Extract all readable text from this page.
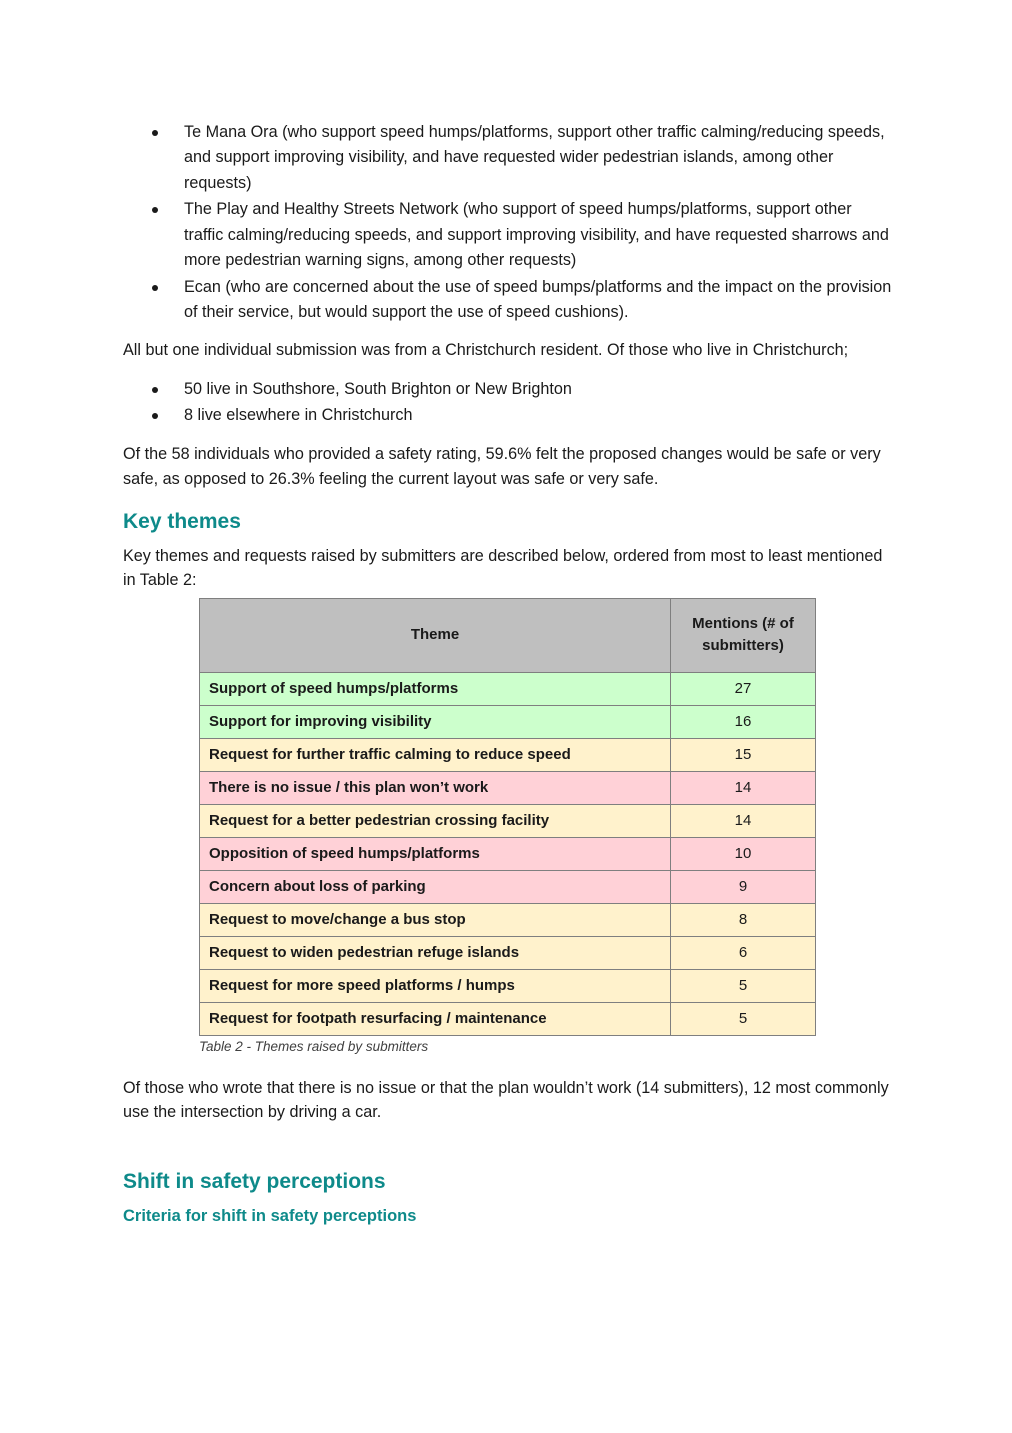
Te Mana Ora (who support speed humps/platforms, support other traffic calming/reducing speeds, and support improving visibility, and have requested wider pedestrian islands, among other requests)
The Play and Healthy Streets Network (who support of speed humps/platforms, support other traffic calming/reducing speeds, and support improving visibility, and have requested sharrows and more pedestrian warning signs, among other requests)
Ecan (who are concerned about the use of speed bumps/platforms and the impact on the provision of their service, but would support the use of speed cushions).

All but one individual submission was from a Christchurch resident. Of those who live in Christchurch;

50 live in Southshore, South Brighton or New Brighton
8 live elsewhere in Christchurch

Of the 58 individuals who provided a safety rating, 59.6% felt the proposed changes would be safe or very safe, as opposed to 26.3% feeling the current layout was safe or very safe.

Key themes

Key themes and requests raised by submitters are described below, ordered from most to least mentioned in Table 2:

Theme	Mentions (# of submitters)
Support of speed humps/platforms	27
Support for improving visibility	16
Request for further traffic calming to reduce speed	15
There is no issue / this plan won’t work	14
Request for a better pedestrian crossing facility	14
Opposition of speed humps/platforms	10
Concern about loss of parking	9
Request to move/change a bus stop	8
Request to widen pedestrian refuge islands	6
Request for more speed platforms / humps	5
Request for footpath resurfacing / maintenance	5
Table 2 - Themes raised by submitters

Of those who wrote that there is no issue or that the plan wouldn’t work (14 submitters), 12 most commonly use the intersection by driving a car.

Shift in safety perceptions
Criteria for shift in safety perceptions
